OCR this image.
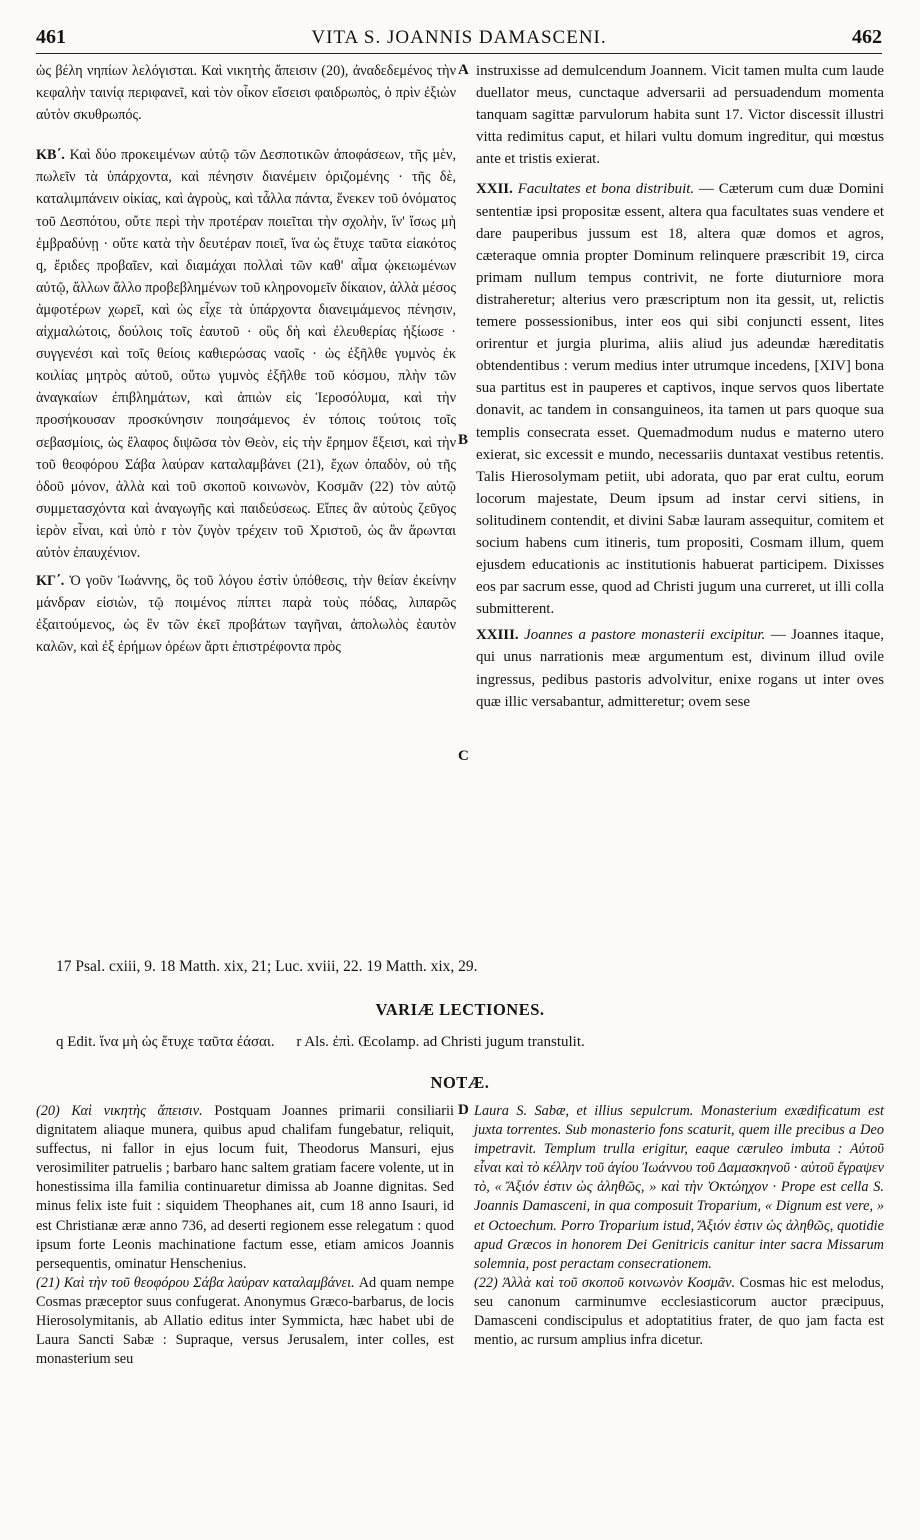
461	VITA S. JOANNIS DAMASCENI.	462

ὡς βέλη νηπίων λελόγισται. Καὶ νικητὴς ἄπεισιν (20), ἀναδεδεμένος τὴν κεφαλὴν ταινίᾳ περιφανεῖ, καὶ τὸν οἶκον εἴσεισι φαιδρωπὸς, ὁ πρὶν ἐξιὼν αὐτὸν σκυθρωπός.

ΚΒ΄. Καὶ δύο προκειμένων αὐτῷ τῶν Δεσποτικῶν ἀποφάσεων, τῆς μὲν, πωλεῖν τὰ ὑπάρχοντα, καὶ πένησιν διανέμειν ὁριζομένης · τῆς δὲ, καταλιμπάνειν οἰκίας, καὶ ἀγροὺς, καὶ τἆλλα πάντα, ἕνεκεν τοῦ ὀνόματος τοῦ Δεσπότου, οὔτε περὶ τὴν προτέραν ποιεῖται τὴν σχολὴν, ἵν' ἴσως μὴ ἐμβραδύνῃ · οὔτε κατὰ τὴν δευτέραν ποιεῖ, ἵνα ὡς ἔτυχε ταῦτα εἰακότος q, ἔριδες προβαῖεν, καὶ διαμάχαι πολλαὶ τῶν καθ' αἷμα ᾠκειωμένων αὐτῷ, ἄλλων ἄλλο προβεβλημένων τοῦ κληρονομεῖν δίκαιον, ἀλλὰ μέσος ἀμφοτέρων χωρεῖ, καὶ ὡς εἶχε τὰ ὑπάρχοντα διανειμάμενος πένησιν, αἰχμαλώτοις, δούλοις τοῖς ἑαυτοῦ · οὓς δὴ καὶ ἐλευθερίας ἠξίωσε · συγγενέσι καὶ τοῖς θείοις καθιερώσας ναοῖς · ὡς ἐξῆλθε γυμνὸς ἐκ κοιλίας μητρὸς αὐτοῦ, οὕτω γυμνὸς ἐξῆλθε τοῦ κόσμου, πλὴν τῶν ἀναγκαίων ἐπιβλημάτων, καὶ ἀπιὼν εἰς Ἱεροσόλυμα, καὶ τὴν προσήκουσαν προσκύνησιν ποιησάμενος ἐν τόποις τούτοις τοῖς σεβασμίοις, ὡς ἔλαφος διψῶσα τὸν Θεὸν, εἰς τὴν ἔρημον ἔξεισι, καὶ τὴν τοῦ θεοφόρου Σάβα λαύραν καταλαμβάνει (21), ἔχων ὀπαδὸν, οὐ τῆς ὁδοῦ μόνον, ἀλλὰ καὶ τοῦ σκοποῦ κοινωνὸν, Κοσμᾶν (22) τὸν αὐτῷ συμμετασχόντα καὶ ἀναγωγῆς καὶ παιδεύσεως. Εἴπες ἂν αὐτοὺς ζεῦγος ἱερὸν εἶναι, καὶ ὑπὸ r τὸν ζυγὸν τρέχειν τοῦ Χριστοῦ, ὡς ἂν ἄρωνται αὐτὸν ἐπαυχένιον.

ΚΓ΄. Ὁ γοῦν Ἰωάννης, ὃς τοῦ λόγου ἐστὶν ὑπόθεσις, τὴν θείαν ἐκείνην μάνδραν εἰσιὼν, τῷ ποιμένος πίπτει παρὰ τοὺς πόδας, λιπαρῶς ἐξαιτούμενος, ὡς ἓν τῶν ἐκεῖ προβάτων ταγῆναι, ἀπολωλὸς ἑαυτὸν καλῶν, καὶ ἐξ ἐρήμων ὀρέων ἄρτι ἐπιστρέφοντα πρὸς

A
B
C

instruxisse ad demulcendum Joannem. Vicit tamen multa cum laude duellator meus, cunctaque adversarii ad persuadendum momenta tanquam sagittæ parvulorum habita sunt 17. Victor discessit illustri vitta redimitus caput, et hilari vultu domum ingreditur, qui mœstus ante et tristis exierat.

XXII. Facultates et bona distribuit. — Cæterum cum duæ Domini sententiæ ipsi propositæ essent, altera qua facultates suas vendere et dare pauperibus jussum est 18, altera quæ domos et agros, cæteraque omnia propter Dominum relinquere præscribit 19, circa primam nullum tempus contrivit, ne forte diuturniore mora distraheretur; alterius vero præscriptum non ita gessit, ut, relictis temere possessionibus, inter eos qui sibi conjuncti essent, lites orirentur et jurgia plurima, aliis aliud jus adeundæ hæreditatis obtendentibus : verum medius inter utrumque incedens, [XIV] bona sua partitus est in pauperes et captivos, inque servos quos libertate donavit, ac tandem in consanguineos, ita tamen ut pars quoque sua templis consecrata esset. Quemadmodum nudus e materno utero exierat, sic excessit e mundo, necessariis duntaxat vestibus retentis. Talis Hierosolymam petiit, ubi adorata, quo par erat cultu, eorum locorum majestate, Deum ipsum ad instar cervi sitiens, in solitudinem contendit, et divini Sabæ lauram assequitur, comitem et socium habens cum itineris, tum propositi, Cosmam illum, quem ejusdem educationis ac institutionis habuerat participem. Dixisses eos par sacrum esse, quod ad Christi jugum una curreret, ut illi colla submitterent.

XXIII. Joannes a pastore monasterii excipitur. — Joannes itaque, qui unus narrationis meæ argumentum est, divinum illud ovile ingressus, pedibus pastoris advolvitur, enixe rogans ut inter oves quæ illic versabantur, admitteretur; ovem sese

17 Psal. cxiii, 9. 18 Matth. xix, 21; Luc. xviii, 22. 19 Matth. xix, 29.
VARIÆ LECTIONES.
q Edit. ἵνα μὴ ὡς ἔτυχε ταῦτα ἐάσαι. r Als. ἐπὶ. Œcolamp. ad Christi jugum transtulit.
NOTÆ.
D

(20) Καὶ νικητὴς ἄπεισιν. Postquam Joannes primarii consiliarii dignitatem aliaque munera, quibus apud chalifam fungebatur, reliquit, suffectus, ni fallor in ejus locum fuit, Theodorus Mansuri, ejus verosimiliter patruelis ; barbaro hanc saltem gratiam facere volente, ut in honestissima illa familia continuaretur dimissa ab Joanne dignitas. Sed minus felix iste fuit : siquidem Theophanes ait, cum 18 anno Isauri, id est Christianæ æræ anno 736, ad deserti regionem esse relegatum : quod ipsum forte Leonis machinatione factum esse, etiam amicos Joannis persequentis, ominatur Henschenius.

(21) Καὶ τὴν τοῦ θεοφόρου Σάβα λαύραν καταλαμβάνει. Ad quam nempe Cosmas præceptor suus confugerat. Anonymus Græco-barbarus, de locis Hierosolymitanis, ab Allatio editus inter Symmicta, hæc habet ubi de Laura Sancti Sabæ : Supraque, versus Jerusalem, inter colles, est monasterium seu

Laura S. Sabæ, et illius sepulcrum. Monasterium exædificatum est juxta torrentes. Sub monasterio fons scaturit, quem ille precibus a Deo impetravit. Templum trulla erigitur, eaque cæruleo imbuta : Αὐτοῦ εἶναι καὶ τὸ κέλλην τοῦ ἁγίου Ἰωάννου τοῦ Δαμασκηνοῦ · αὐτοῦ ἔγραψεν τὸ, « Ἄξιόν ἐστιν ὡς ἀληθῶς, » καὶ τὴν Ὀκτώηχον · Prope est cella S. Joannis Damasceni, in qua composuit Troparium, « Dignum est vere, » et Octoechum. Porro Troparium istud, Ἄξιόν ἐστιν ὡς ἀληθῶς, quotidie apud Græcos in honorem Dei Genitricis canitur inter sacra Missarum solemnia, post peractam consecrationem.

(22) Ἀλλὰ καὶ τοῦ σκοποῦ κοινωνὸν Κοσμᾶν. Cosmas hic est melodus, seu canonum carminumve ecclesiasticorum auctor præcipuus, Damasceni condiscipulus et adoptatitius frater, de quo jam facta est mentio, ac rursum amplius infra dicetur.
